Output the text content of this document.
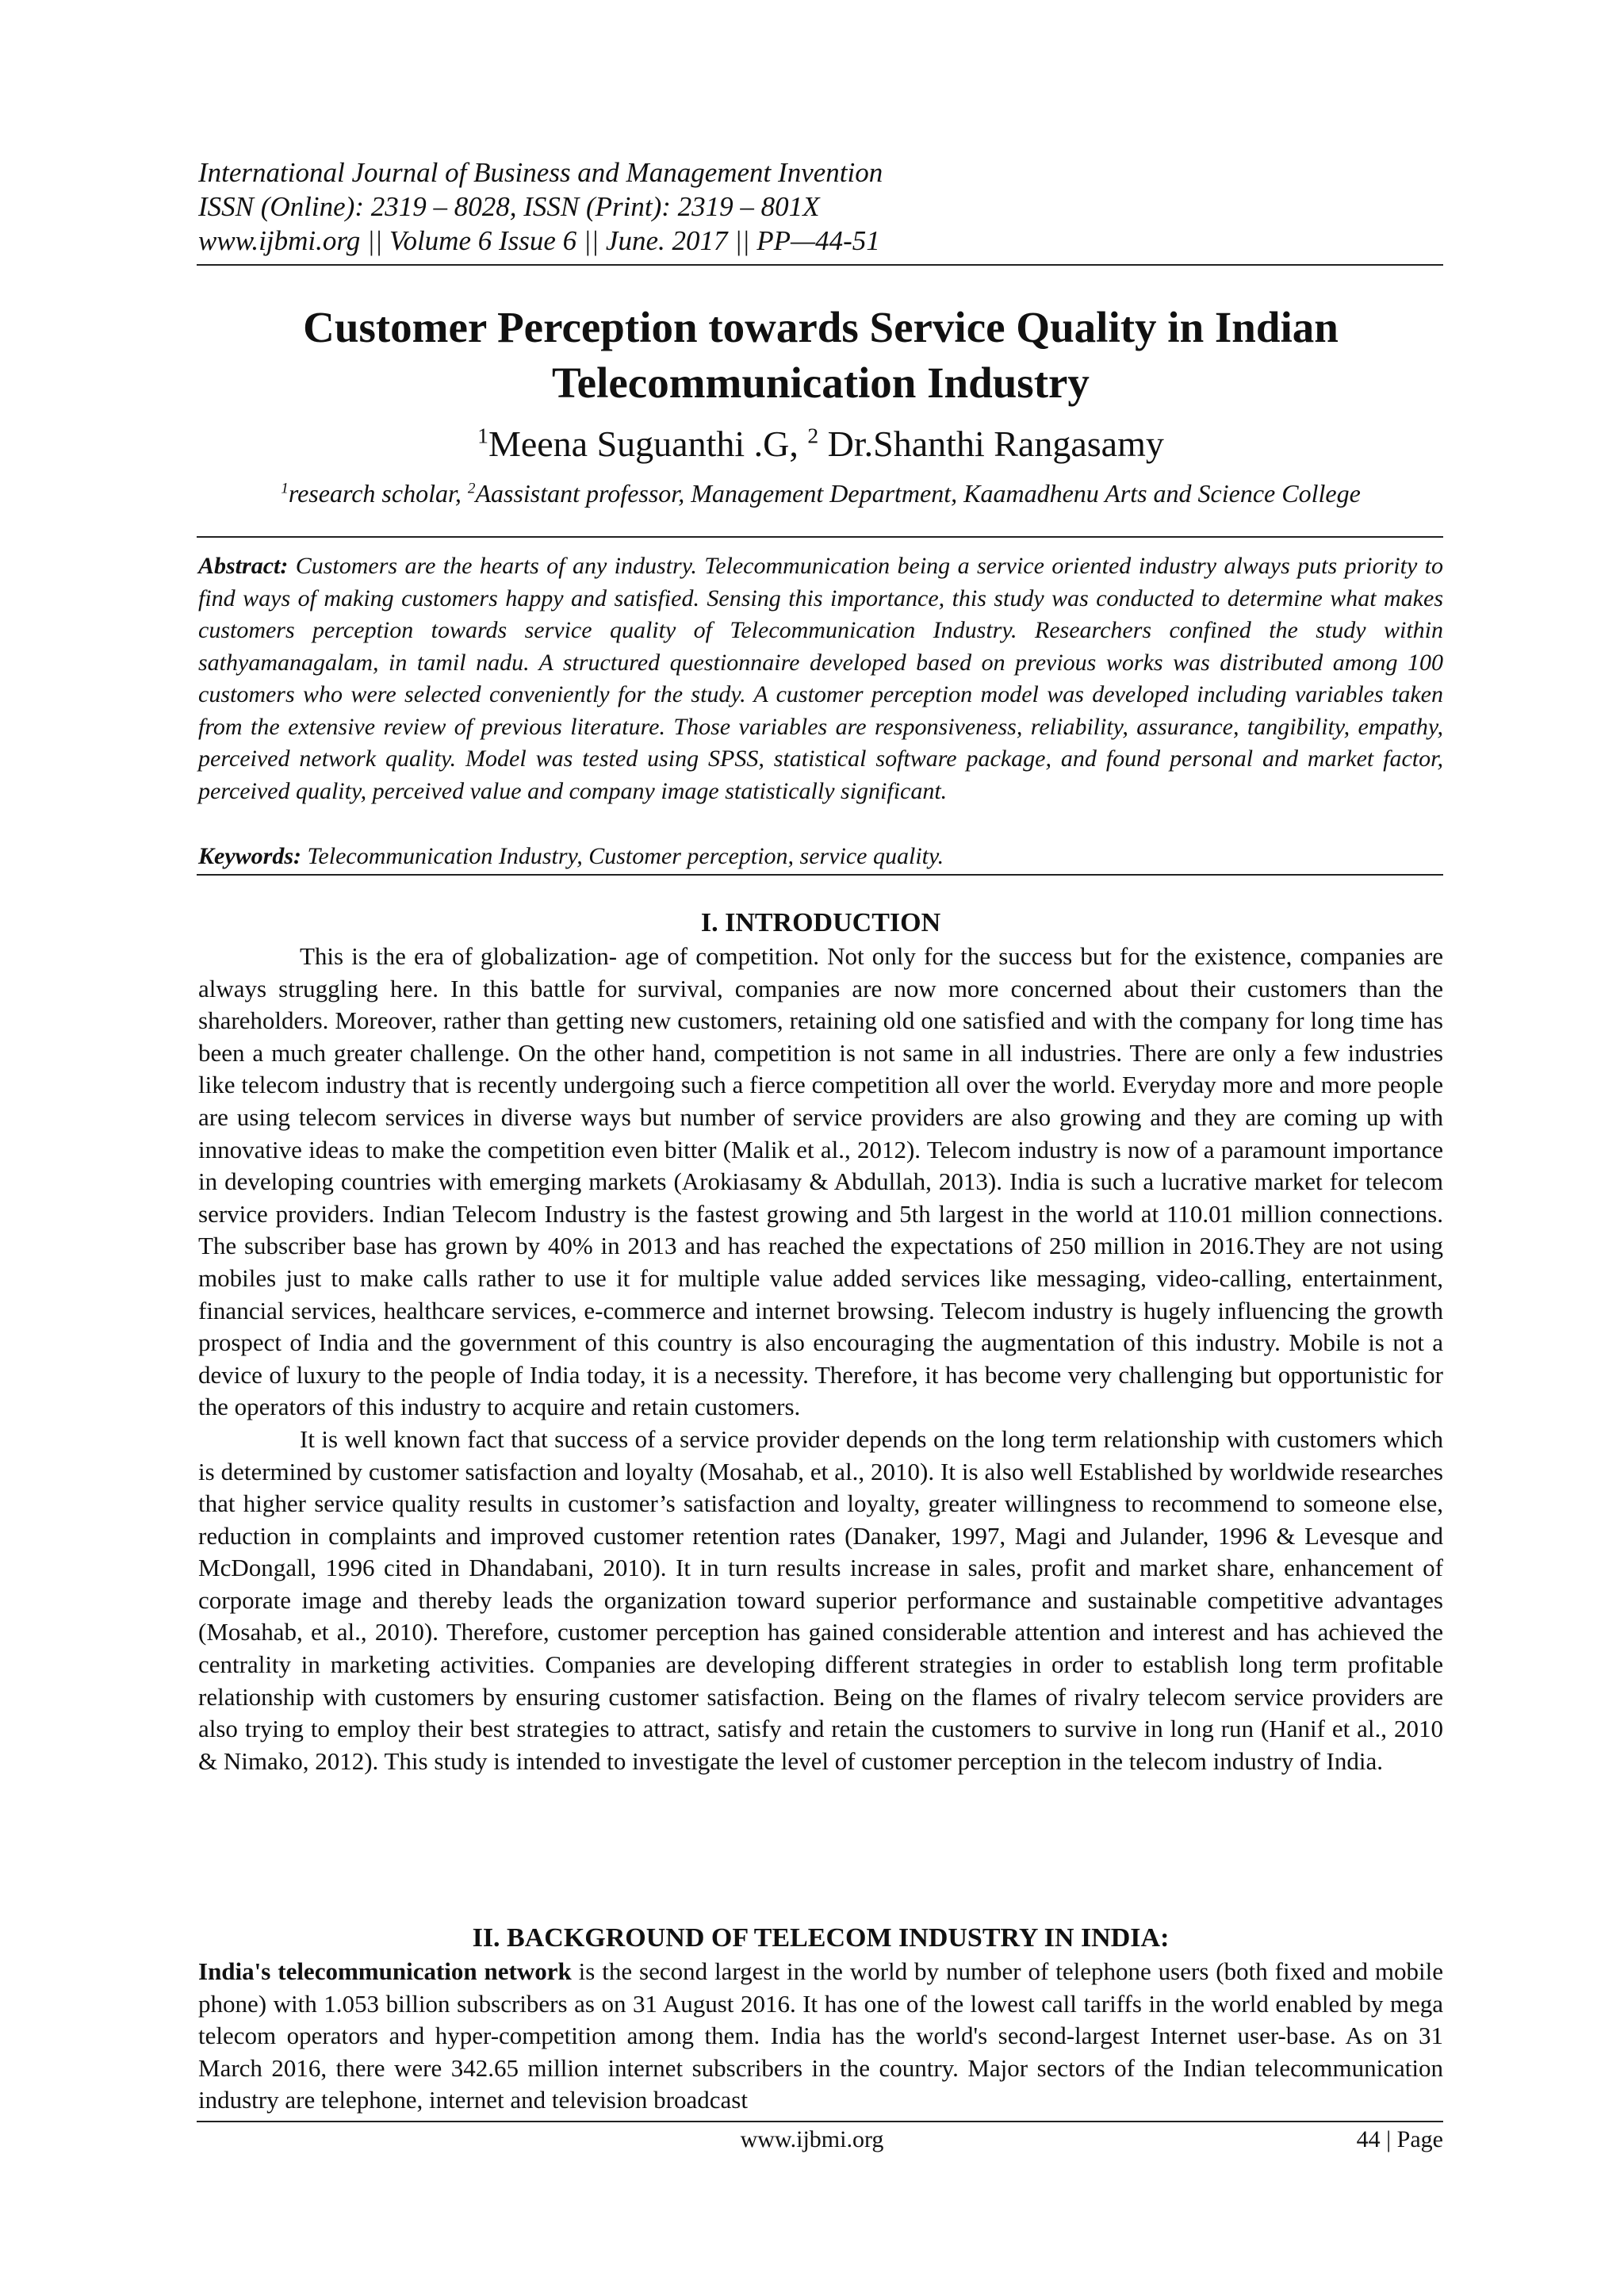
International Journal of Business and Management Invention
ISSN (Online): 2319 – 8028, ISSN (Print): 2319 – 801X
www.ijbmi.org || Volume 6 Issue 6 || June. 2017 || PP—44-51
Customer Perception towards Service Quality in Indian
Telecommunication Industry
$^1$Meena Suguanthi .G, $^2$ Dr.Shanthi Rangasamy
$^1$research scholar, $^2$Aassistant professor, Management Department, Kaamadhenu Arts and Science College
Abstract: Customers are the hearts of any industry. Telecommunication being a service oriented industry always puts priority to find ways of making customers happy and satisfied. Sensing this importance, this study was conducted to determine what makes customers perception towards service quality of Telecommunication Industry. Researchers confined the study within sathyamanagalam, in tamil nadu. A structured questionnaire developed based on previous works was distributed among 100 customers who were selected conveniently for the study. A customer perception model was developed including variables taken from the extensive review of previous literature. Those variables are responsiveness, reliability, assurance, tangibility, empathy, perceived network quality. Model was tested using SPSS, statistical software package, and found personal and market factor, perceived quality, perceived value and company image statistically significant.
Keywords: Telecommunication Industry, Customer perception, service quality.
I. INTRODUCTION

This is the era of globalization- age of competition. Not only for the success but for the existence, companies are always struggling here. In this battle for survival, companies are now more concerned about their customers than the shareholders. Moreover, rather than getting new customers, retaining old one satisfied and with the company for long time has been a much greater challenge. On the other hand, competition is not same in all industries. There are only a few industries like telecom industry that is recently undergoing such a fierce competition all over the world. Everyday more and more people are using telecom services in diverse ways but number of service providers are also growing and they are coming up with innovative ideas to make the competition even bitter (Malik et al., 2012). Telecom industry is now of a paramount importance in developing countries with emerging markets (Arokiasamy & Abdullah, 2013). India is such a lucrative market for telecom service providers. Indian Telecom Industry is the fastest growing and 5th largest in the world at 110.01 million connections. The subscriber base has grown by 40% in 2013 and has reached the expectations of 250 million in 2016.They are not using mobiles just to make calls rather to use it for multiple value added services like messaging, video-calling, entertainment, financial services, healthcare services, e-commerce and internet browsing. Telecom industry is hugely influencing the growth prospect of India and the government of this country is also encouraging the augmentation of this industry. Mobile is not a device of luxury to the people of India today, it is a necessity. Therefore, it has become very challenging but opportunistic for the operators of this industry to acquire and retain customers.

It is well known fact that success of a service provider depends on the long term relationship with customers which is determined by customer satisfaction and loyalty (Mosahab, et al., 2010). It is also well Established by worldwide researches that higher service quality results in customer’s satisfaction and loyalty, greater willingness to recommend to someone else, reduction in complaints and improved customer retention rates (Danaker, 1997, Magi and Julander, 1996 & Levesque and McDongall, 1996 cited in Dhandabani, 2010). It in turn results increase in sales, profit and market share, enhancement of corporate image and thereby leads the organization toward superior performance and sustainable competitive advantages (Mosahab, et al., 2010). Therefore, customer perception has gained considerable attention and interest and has achieved the centrality in marketing activities. Companies are developing different strategies in order to establish long term profitable relationship with customers by ensuring customer satisfaction. Being on the flames of rivalry telecom service providers are also trying to employ their best strategies to attract, satisfy and retain the customers to survive in long run (Hanif et al., 2010 & Nimako, 2012). This study is intended to investigate the level of customer perception in the telecom industry of India.

II. BACKGROUND OF TELECOM INDUSTRY IN INDIA:

India's telecommunication network is the second largest in the world by number of telephone users (both fixed and mobile phone) with 1.053 billion subscribers as on 31 August 2016. It has one of the lowest call tariffs in the world enabled by mega telecom operators and hyper-competition among them. India has the world's second-largest Internet user-base. As on 31 March 2016, there were 342.65 million internet subscribers in the country. Major sectors of the Indian telecommunication industry are telephone, internet and television broadcast

www.ijbmi.org	44 | Page
